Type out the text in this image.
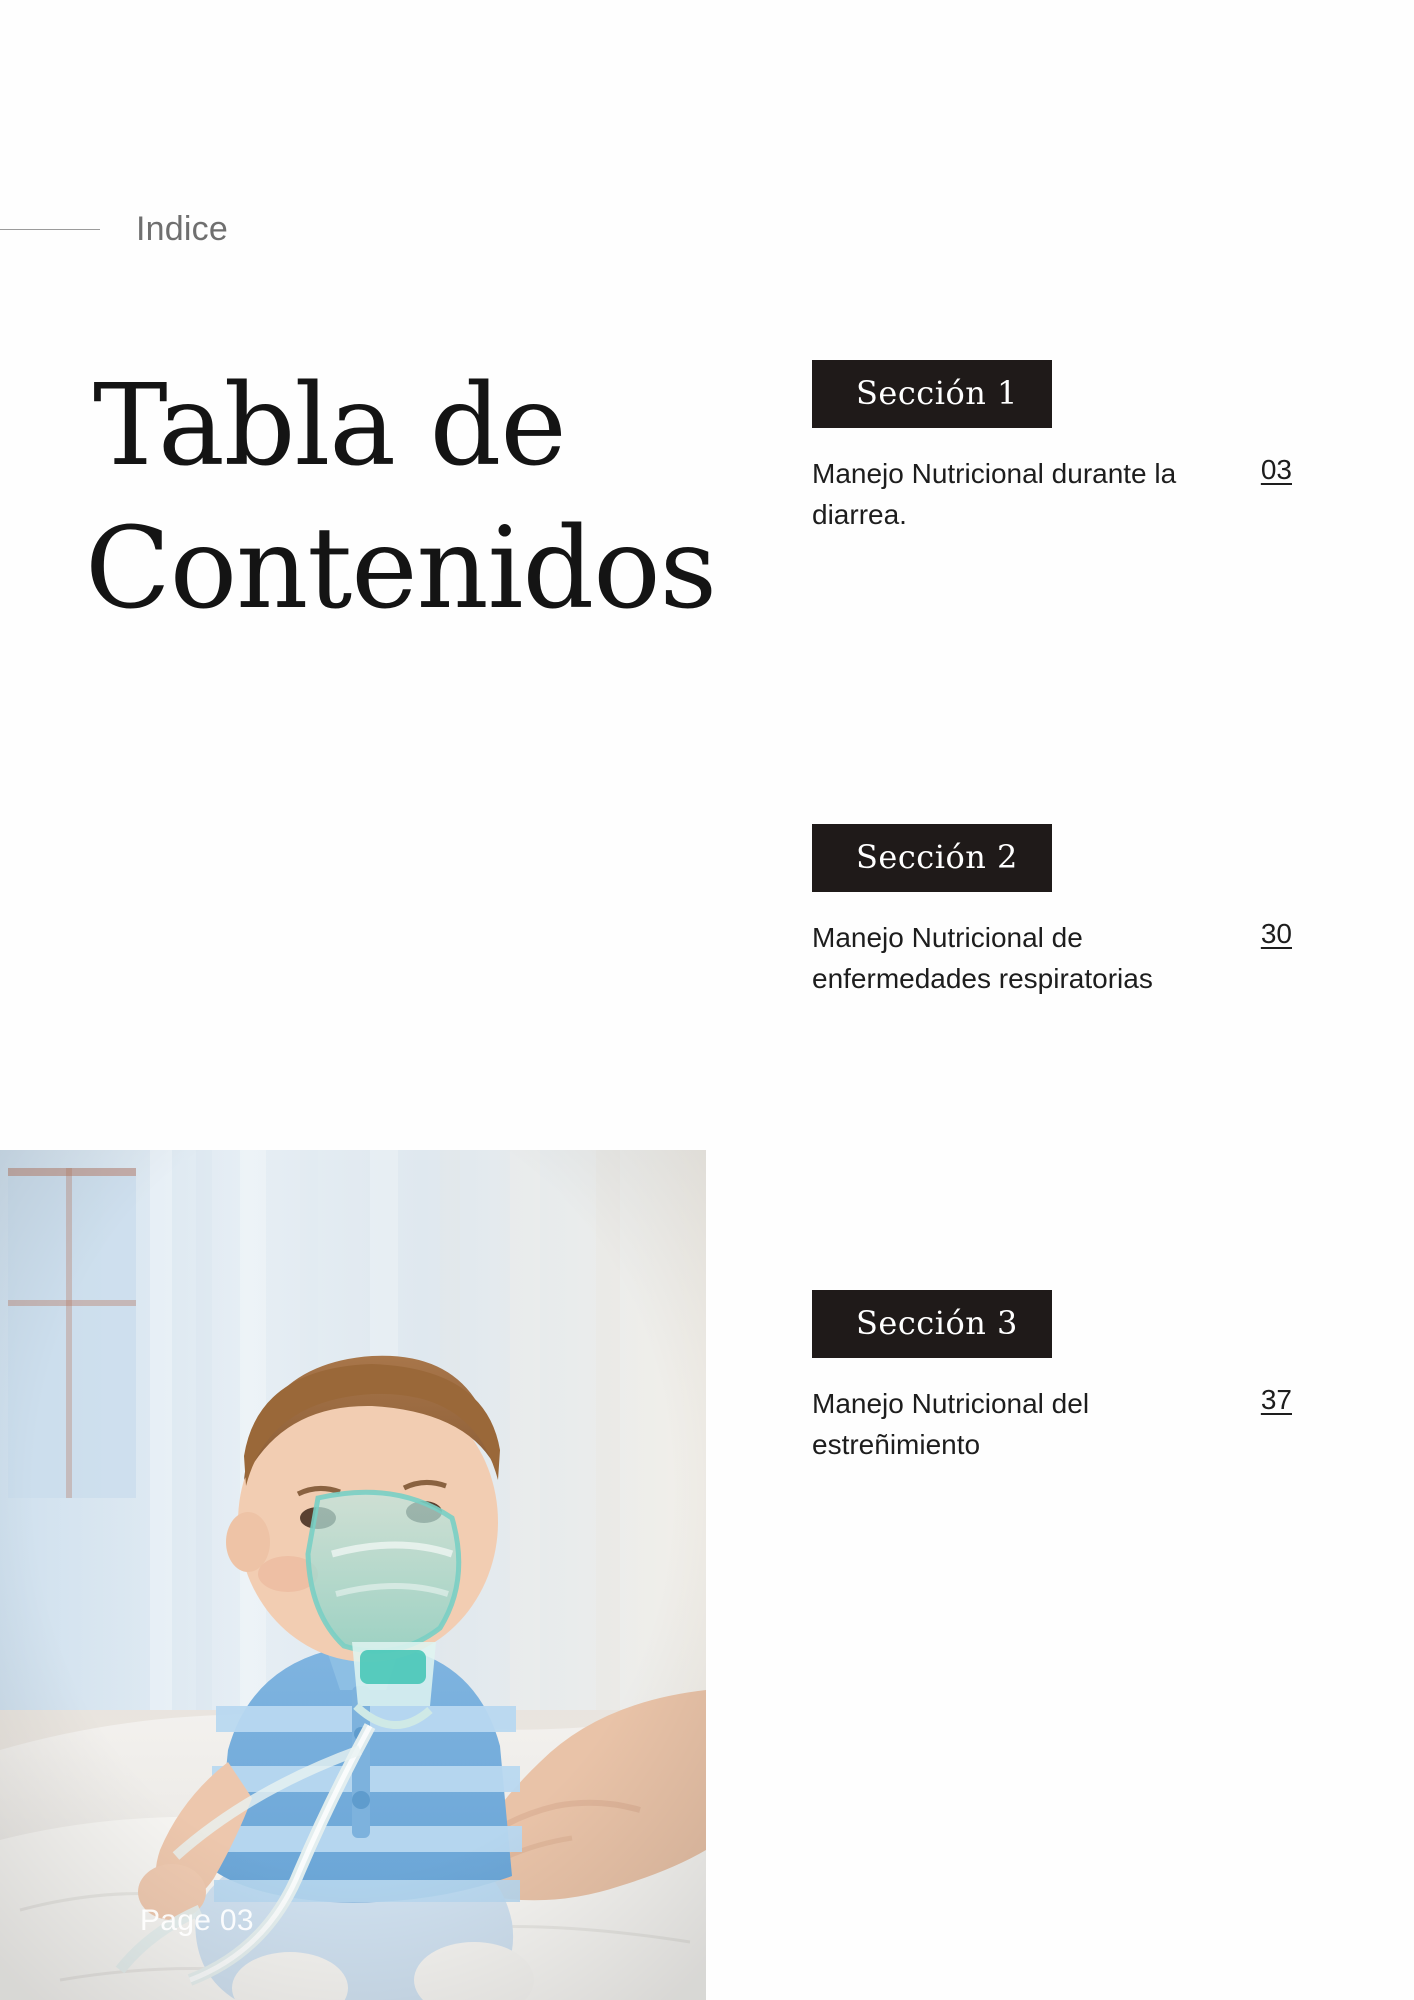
Indice
Tabla de
Contenidos
Sección 1
Manejo Nutricional durante la diarrea.
03
Sección 2
Manejo Nutricional de enfermedades respiratorias
30
Sección 3
Manejo Nutricional del estreñimiento
37
Page 03
